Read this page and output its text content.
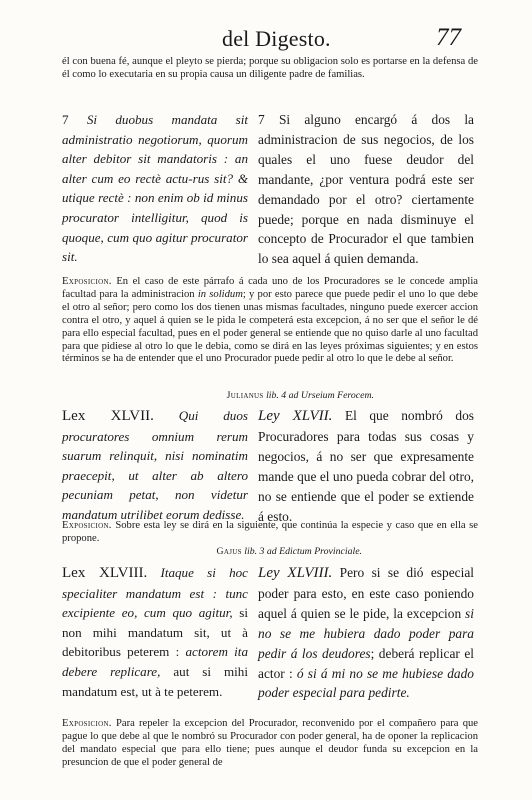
del Digesto.	77

él con buena fé, aunque el pleyto se pierda; porque su obligacion solo es portarse en la defensa de él como lo executaria en su propia causa un diligente padre de familias.

7 Si duobus mandata sit administratio negotiorum, quorum alter debitor sit mandatoris : an alter cum eo rectè actu-rus sit? & utique rectè : non enim ob id minus procurator intelligitur, quod is quoque, cum quo agitur procurator sit.
7 Si alguno encargó á dos la administracion de sus negocios, de los quales el uno fuese deudor del mandante, ¿por ventura podrá este ser demandado por el otro? ciertamente puede; porque en nada disminuye el concepto de Procurador el que tambien lo sea aquel á quien demanda.

Exposicion. En el caso de este párrafo á cada uno de los Procuradores se le concede amplia facultad para la administracion in solidum; y por esto parece que puede pedir el uno lo que debe el otro al señor; pero como los dos tienen unas mismas facultades, ninguno puede exercer accion contra el otro, y aquel á quien se le pida le competerá esta excepcion, á no ser que el señor le dé para ello especial facultad, pues en el poder general se entiende que no quiso darle al uno facultad para que pidiese al otro lo que le debia, como se dirá en las leyes próximas siguientes; y en estos términos se ha de entender que el uno Procurador puede pedir al otro lo que le debe al señor.

Julianus lib. 4 ad Urseium Ferocem.
Lex XLVII. Qui duos procuratores omnium rerum suarum relinquit, nisi nominatim praecepit, ut alter ab altero pecuniam petat, non videtur mandatum utrilibet eorum dedisse.
Ley XLVII. El que nombró dos Procuradores para todas sus cosas y negocios, á no ser que expresamente mande que el uno pueda cobrar del otro, no se entiende que el poder se extiende á esto.

Exposicion. Sobre esta ley se dirá en la siguiente, que continúa la especie y caso que en ella se propone.

Gajus lib. 3 ad Edictum Provinciale.
Lex XLVIII. Itaque si hoc specialiter mandatum est : tunc excipiente eo, cum quo agitur, si non mihi mandatum sit, ut à debitoribus peterem : actorem ita debere replicare, aut si mihi mandatum est, ut à te peterem.
Ley XLVIII. Pero si se dió especial poder para esto, en este caso poniendo aquel á quien se le pide, la excepcion si no se me hubiera dado poder para pedir á los deudores; deberá replicar el actor : ó si á mi no se me hubiese dado poder especial para pedirte.

Exposicion. Para repeler la excepcion del Procurador, reconvenido por el compañero para que pague lo que debe al que le nombró su Procurador con poder general, ha de oponer la replicacion del mandato especial que para ello tiene; pues aunque el deudor funda su excepcion en la presuncion de que el poder general de
